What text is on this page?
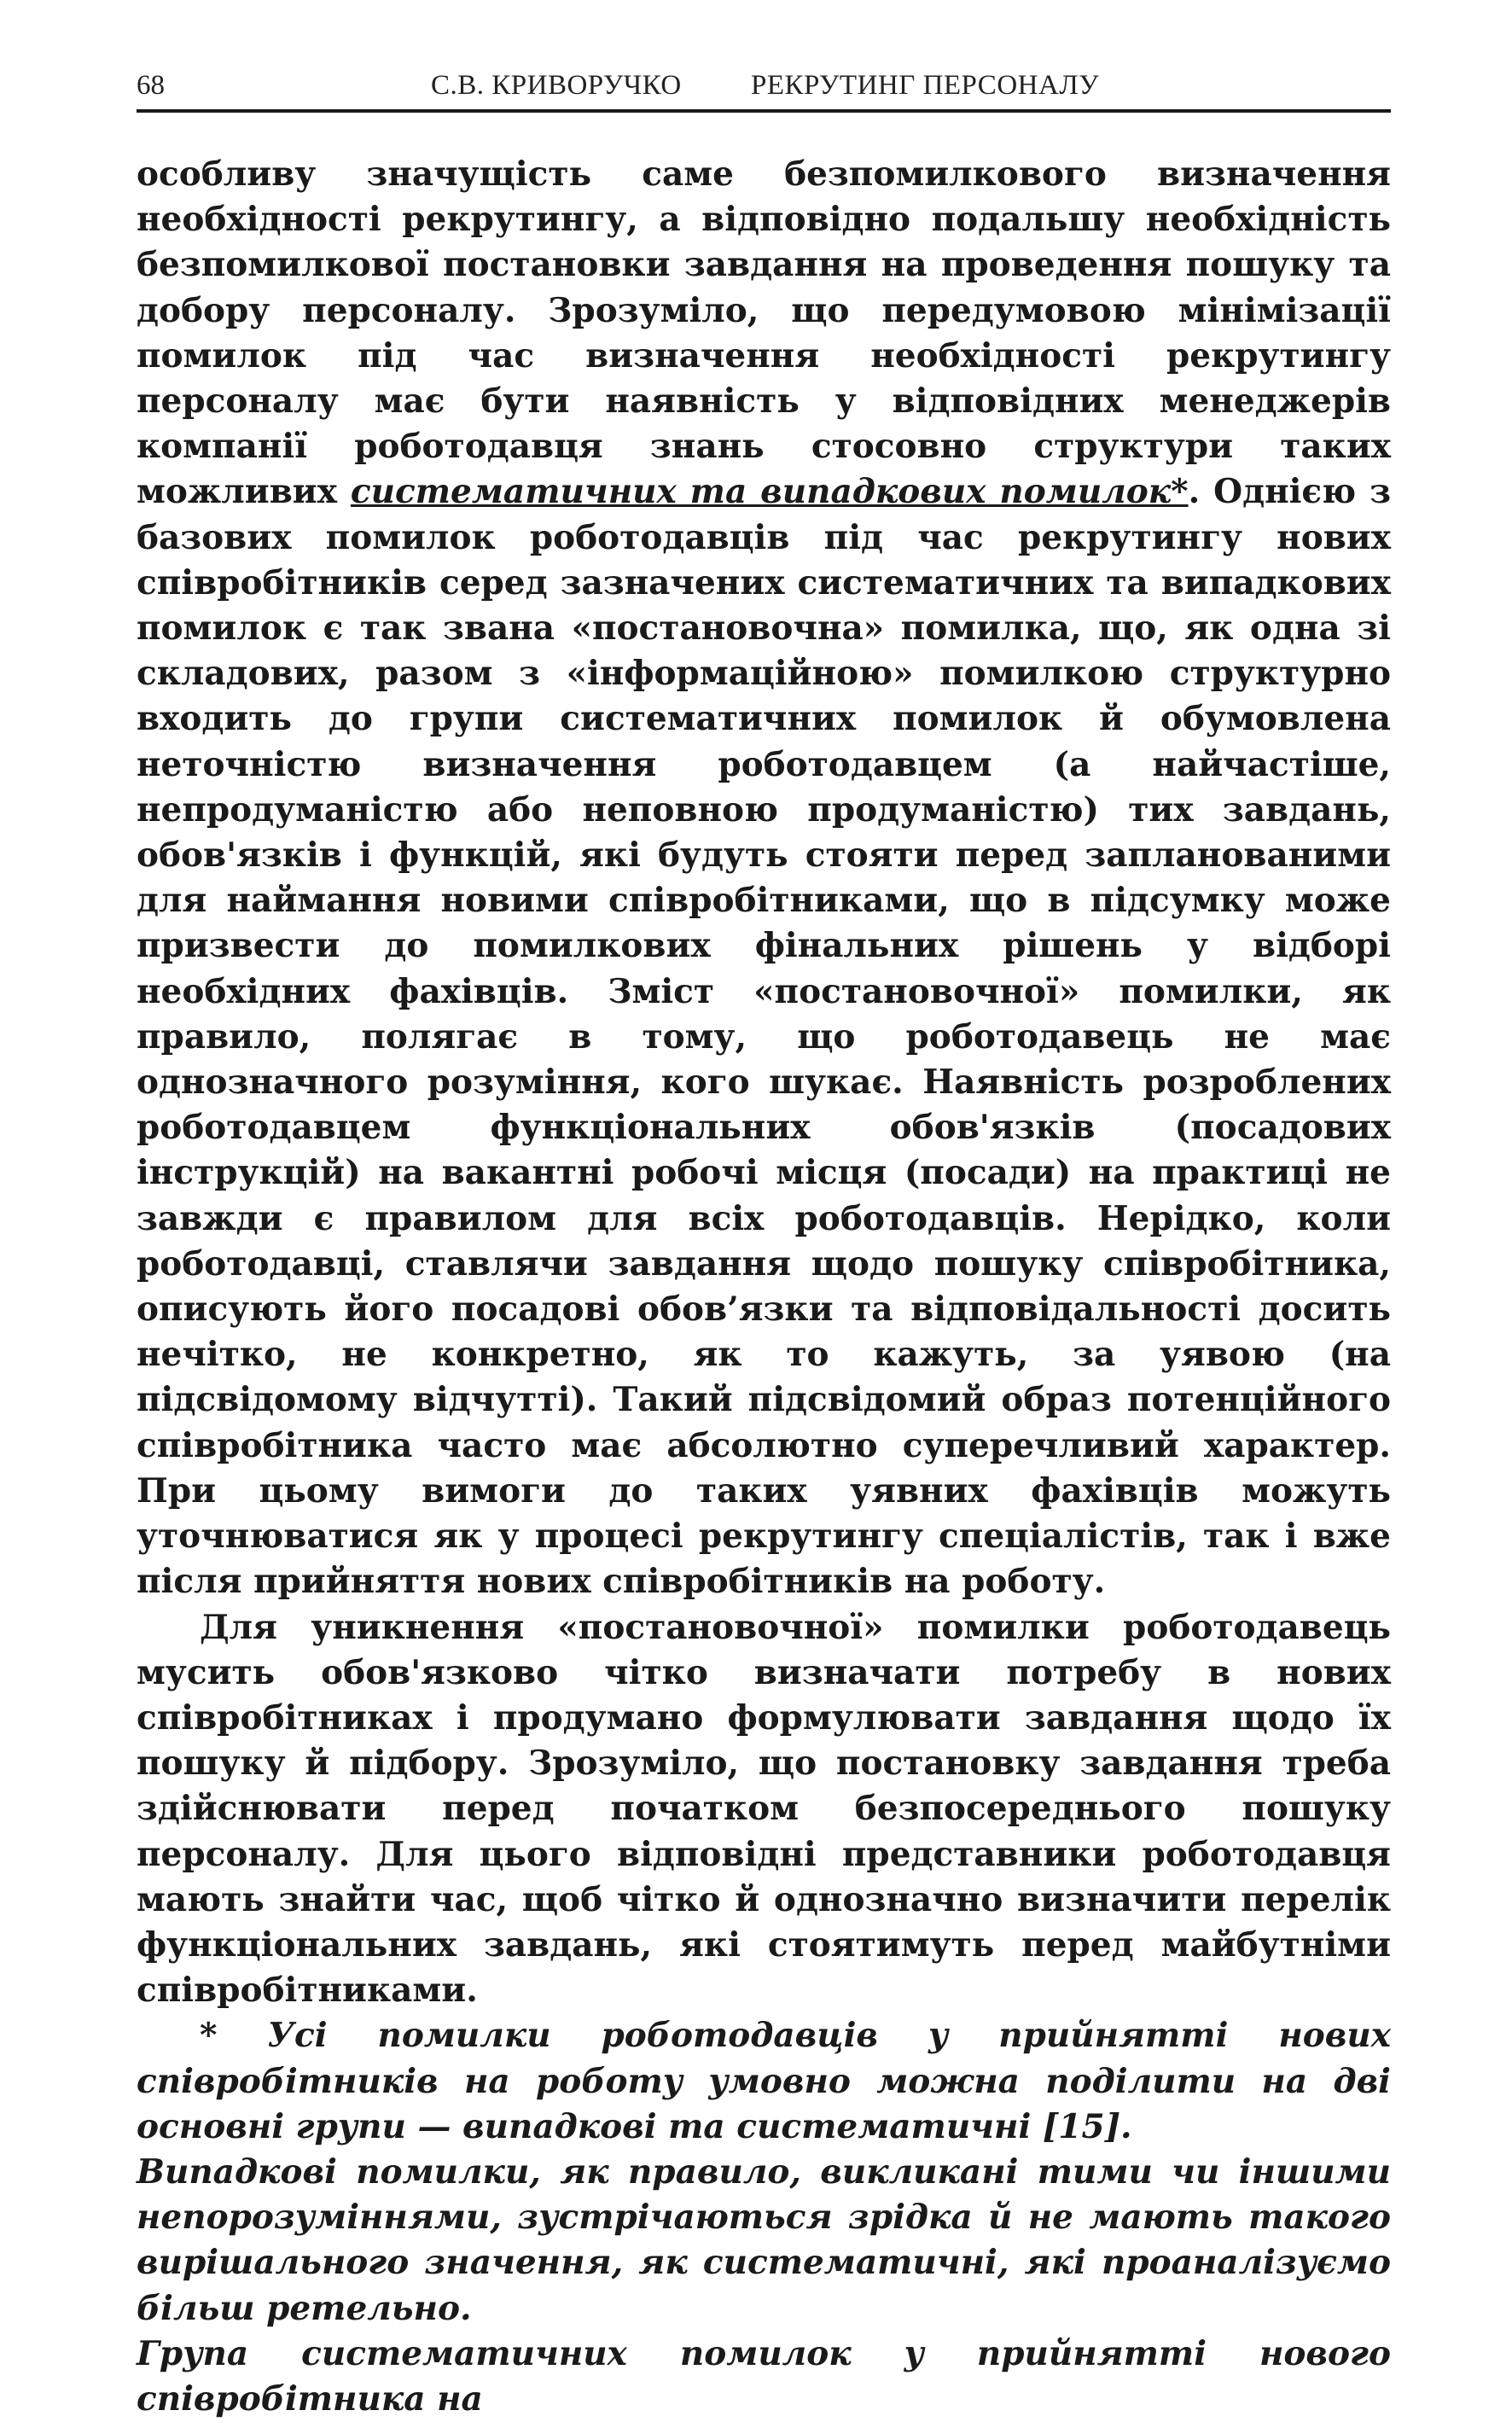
68	С.В. КРИВОРУЧКО РЕКРУТИНГ ПЕРСОНАЛУ

особливу значущість саме безпомилкового визначення необхідності рекрутингу, а відповідно подальшу необхідність безпомилкової постановки завдання на проведення пошуку та добору персоналу. Зрозуміло, що передумовою мінімізації помилок під час визначення необхідності рекрутингу персоналу має бути наявність у відповідних менеджерів компанії роботодавця знань стосовно структури таких можливих систематичних та випадкових помилок*. Однією з базових помилок роботодавців під час рекрутингу нових співробітників серед зазначених систематичних та випадкових помилок є так звана «постановочна» помилка, що, як одна зі складових, разом з «інформаційною» помилкою структурно входить до групи систематичних помилок й обумовлена неточністю визначення роботодавцем (а найчастіше, непродуманістю або неповною продуманістю) тих завдань, обов'язків і функцій, які будуть стояти перед запланованими для наймання новими співробітниками, що в підсумку може призвести до помилкових фінальних рішень у відборі необхідних фахівців. Зміст «постановочної» помилки, як правило, полягає в тому, що роботодавець не має однозначного розуміння, кого шукає. Наявність розроблених роботодавцем функціональних обов'язків (посадових інструкцій) на вакантні робочі місця (посади) на практиці не завжди є правилом для всіх роботодавців. Нерідко, коли роботодавці, ставлячи завдання щодо пошуку співробітника, описують його посадові обов’язки та відповідальності досить нечітко, не конкретно, як то кажуть, за уявою (на підсвідомому відчутті). Такий підсвідомий образ потенційного співробітника часто має абсолютно суперечливий характер. При цьому вимоги до таких уявних фахівців можуть уточнюватися як у процесі рекрутингу спеціалістів, так і вже після прийняття нових співробітників на роботу.

Для уникнення «постановочної» помилки роботодавець мусить обов'язково чітко визначати потребу в нових співробітниках і продумано формулювати завдання щодо їх пошуку й підбору. Зрозуміло, що постановку завдання треба здійснювати перед початком безпосереднього пошуку персоналу. Для цього відповідні представники роботодавця мають знайти час, щоб чітко й однозначно визначити перелік функціональних завдань, які стоятимуть перед майбутніми співробітниками.

* Усі помилки роботодавців у прийнятті нових співробітників на роботу умовно можна поділити на дві основні групи — випадкові та систематичні [15].

Випадкові помилки, як правило, викликані тими чи іншими непорозуміннями, зустрічаються зрідка й не мають такого вирішального значення, як систематичні, які проаналізуємо більш ретельно.

Група систематичних помилок у прийнятті нового співробітника на
